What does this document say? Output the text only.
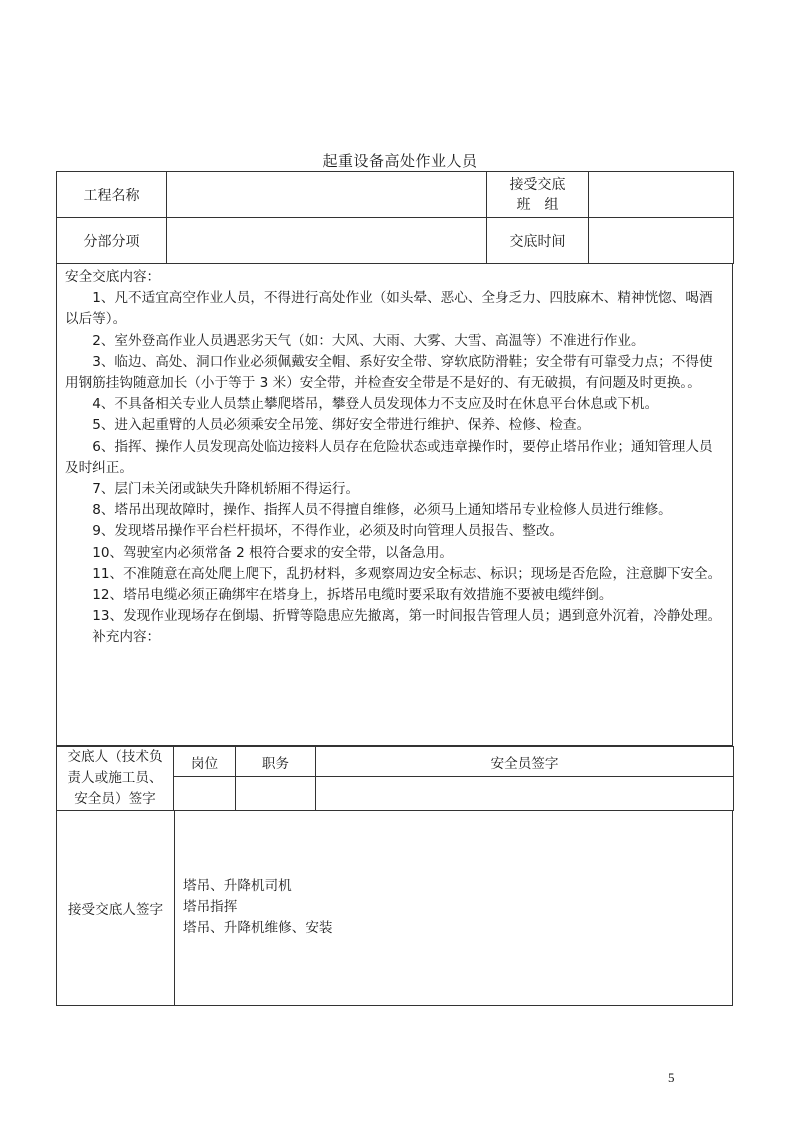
起重设备高处作业人员
工程名称		接受交底
班　组	

分部分项		交底时间	

安全交底内容：

1、凡不适宜高空作业人员，不得进行高处作业（如头晕、恶心、全身乏力、四肢麻木、精神恍惚、喝酒以后等）。

2、室外登高作业人员遇恶劣天气（如：大风、大雨、大雾、大雪、高温等）不准进行作业。

3、临边、高处、洞口作业必须佩戴安全帽、系好安全带、穿软底防滑鞋；安全带有可靠受力点；不得使用钢筋挂钩随意加长（小于等于 3 米）安全带，并检查安全带是不是好的、有无破损，有问题及时更换。。

4、不具备相关专业人员禁止攀爬塔吊，攀登人员发现体力不支应及时在休息平台休息或下机。

5、进入起重臂的人员必须乘安全吊笼、绑好安全带进行维护、保养、检修、检查。

6、指挥、操作人员发现高处临边接料人员存在危险状态或违章操作时，要停止塔吊作业；通知管理人员及时纠正。

7、层门未关闭或缺失升降机轿厢不得运行。

8、塔吊出现故障时，操作、指挥人员不得擅自维修，必须马上通知塔吊专业检修人员进行维修。

9、发现塔吊操作平台栏杆损坏，不得作业，必须及时向管理人员报告、整改。

10、驾驶室内必须常备 2 根符合要求的安全带，以备急用。

11、不准随意在高处爬上爬下，乱扔材料，多观察周边安全标志、标识；现场是否危险，注意脚下安全。

12、塔吊电缆必须正确绑牢在塔身上，拆塔吊电缆时要采取有效措施不要被电缆绊倒。

13、发现作业现场存在倒塌、折臂等隐患应先撤离，第一时间报告管理人员；遇到意外沉着，冷静处理。

补充内容：

交底人（技术负
责人或施工员、
安全员）签字	岗位	职务	安全员签字

接受交底人签字
塔吊、升降机司机
塔吊指挥
塔吊、升降机维修、安装
5
